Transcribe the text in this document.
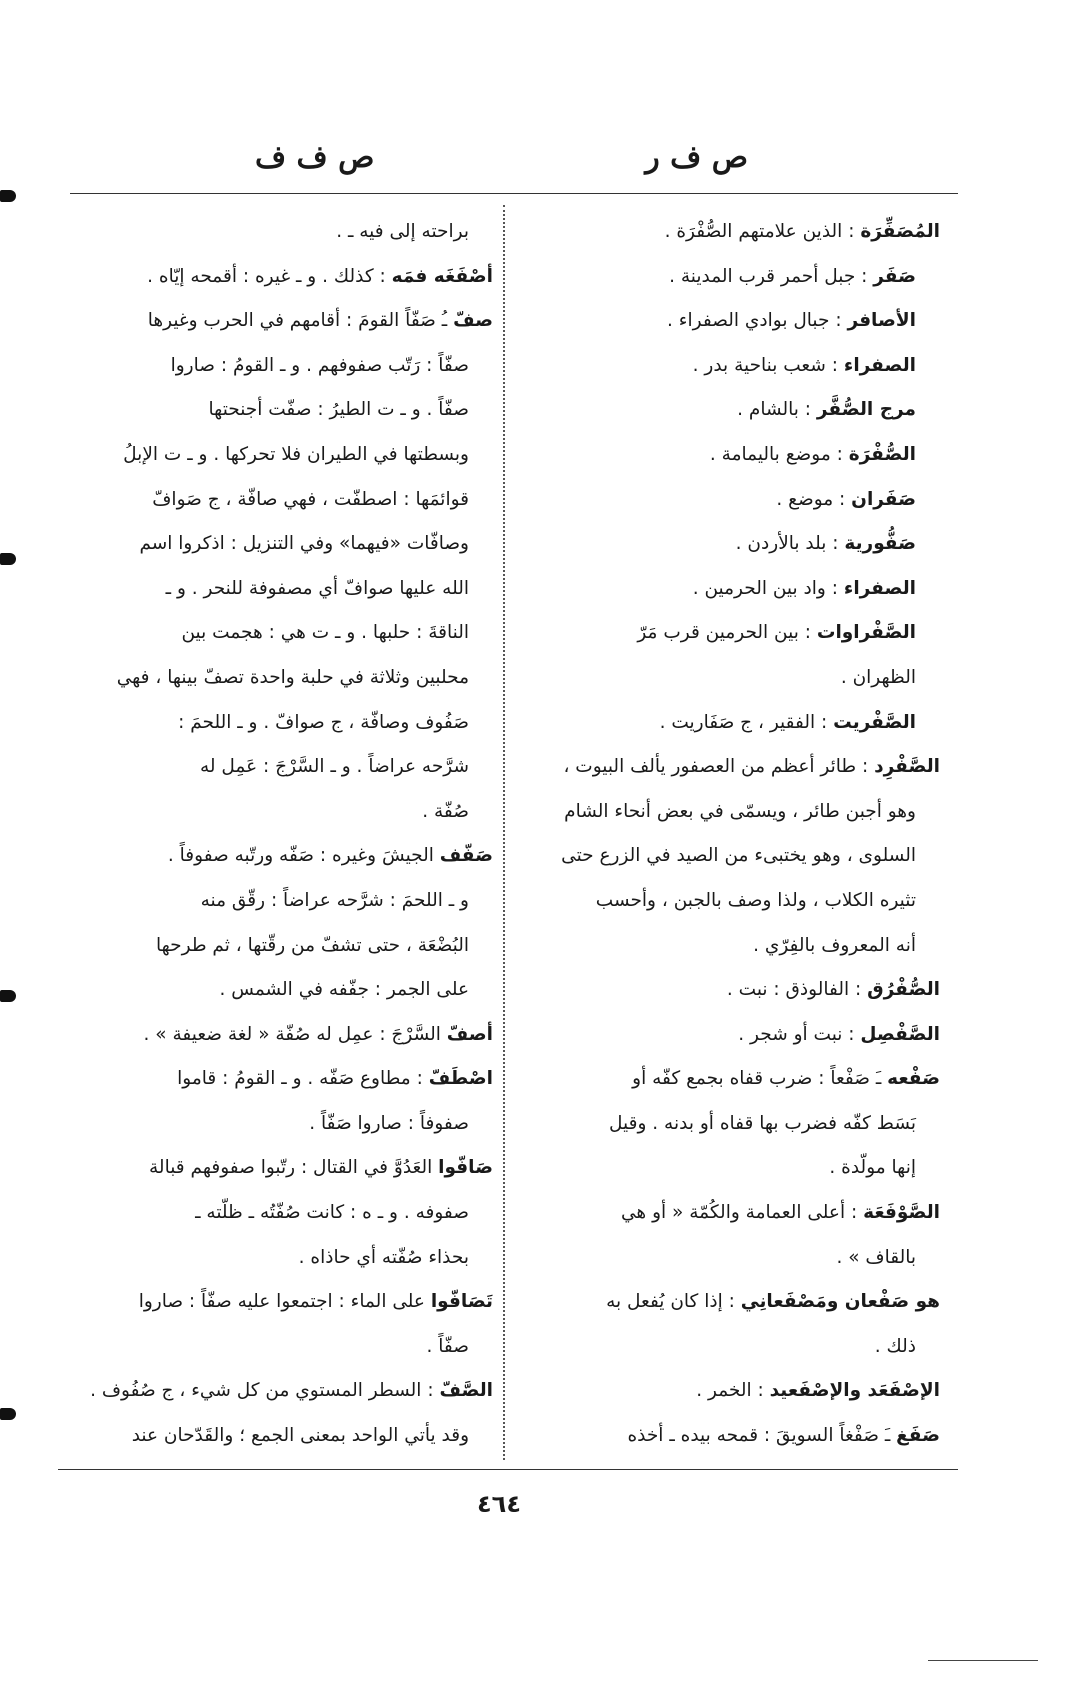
ص ف ر
ص ف ف
المُصَفِّرَة : الذين علامتهم الصُّفْرَة .
صَفَر : جبل أحمر قرب المدينة .
الأصافر : جبال بوادي الصفراء .
الصفراء : شعب بناحية بدر .
مرج الصُّفَّر : بالشام .
الصُّفْرَة : موضع باليمامة .
صَفَران : موضع .
صَفُّورية : بلد بالأردن .
الصفراء : واد بين الحرمين .
الصَّفْراوات : بين الحرمين قرب مَرّ
الظهران .
الصَّفْريت : الفقير ، ج صَفَاريت .
الصَّفْرِد : طائر أعظم من العصفور يألف البيوت ،
وهو أجبن طائر ، ويسمّى في بعض أنحاء الشام
السلوى ، وهو يختبىء من الصيد في الزرع حتى
تثيره الكلاب ، ولذا وصف بالجبن ، وأحسب
أنه المعروف بالفِرّي .
الصُّفْرُق : الفالوذق : نبت .
الصَّفْصِل : نبت أو شجر .
صَفْعه ـَ صَفْعاً : ضرب قفاه بجمع كفّه أو
بَسَط كفّه فضرب بها قفاه أو بدنه . وقيل
إنها مولّدة .
الصَّوْفَعَة : أعلى العمامة والكُمّة « أو هي
بالقاف » .
هو صَفْعان ومَصْفَعانِي : إذا كان يُفعل به
ذلك .
الإصْفَعَد والإصْفَعيد : الخمر .
صَفَغ ـَ صَفْغاً السويقَ : قمحه بيده ـ أخذه
براحته إلى فيه ـ .
أصْفَغَه فمَه : كذلك . و ـ غيره : أقمحه إيّاه .
صفّ ـُ صَفّاً القومَ : أقامهم في الحرب وغيرها
صفّاً : رَتّب صفوفهم . و ـ القومُ : صاروا
صفّاً . و ـ ت الطيرُ : صفّت أجنحتها
وبسطتها في الطيران فلا تحركها . و ـ ت الإبلُ
قوائمَها : اصطفّت ، فهي صافّة ، ج صَوافّ
وصافّات «فيهما» وفي التنزيل : اذكروا اسم
الله عليها صوافّ أي مصفوفة للنحر . و ـ
الناقةَ : حلبها . و ـ ت هي : هجمت بين
محلبين وثلاثة في حلبة واحدة تصفّ بينها ، فهي
صَفُوف وصافّة ، ج صوافّ . و ـ اللحمَ :
شرَّحه عراضاً . و ـ السَّرْجَ : عَمِل له
صُفّة .
صَفّف الجيشَ وغيره : صَفّه ورتّبه صفوفاً .
و ـ اللحمَ : شرَّحه عراضاً : رقّق منه
البُضْعَة ، حتى تشفّ من رقّتها ، ثم طرحها
على الجمر : جفّفه في الشمس .
أصفّ السَّرْجَ : عمِل له صُفّة « لغة ضعيفة » .
اصْطَفّ : مطاوع صَفّه . و ـ القومُ : قاموا
صفوفاً : صاروا صَفّاً .
صَافّوا العَدُوَّ في القتال : رتّبوا صفوفهم قبالة
صفوفه . و ـ ه : كانت صُفّتُه ـ ظلّته ـ
بحذاء صُفّته أي حاذاه .
تَصَافّوا على الماء : اجتمعوا عليه صفّاً : صاروا
صفّاً .
الصَّفّ : السطر المستوي من كل شيء ، ج صُفُوف .
وقد يأتي الواحد بمعنى الجمع ؛ والقَدّحان عند
٤٦٤
